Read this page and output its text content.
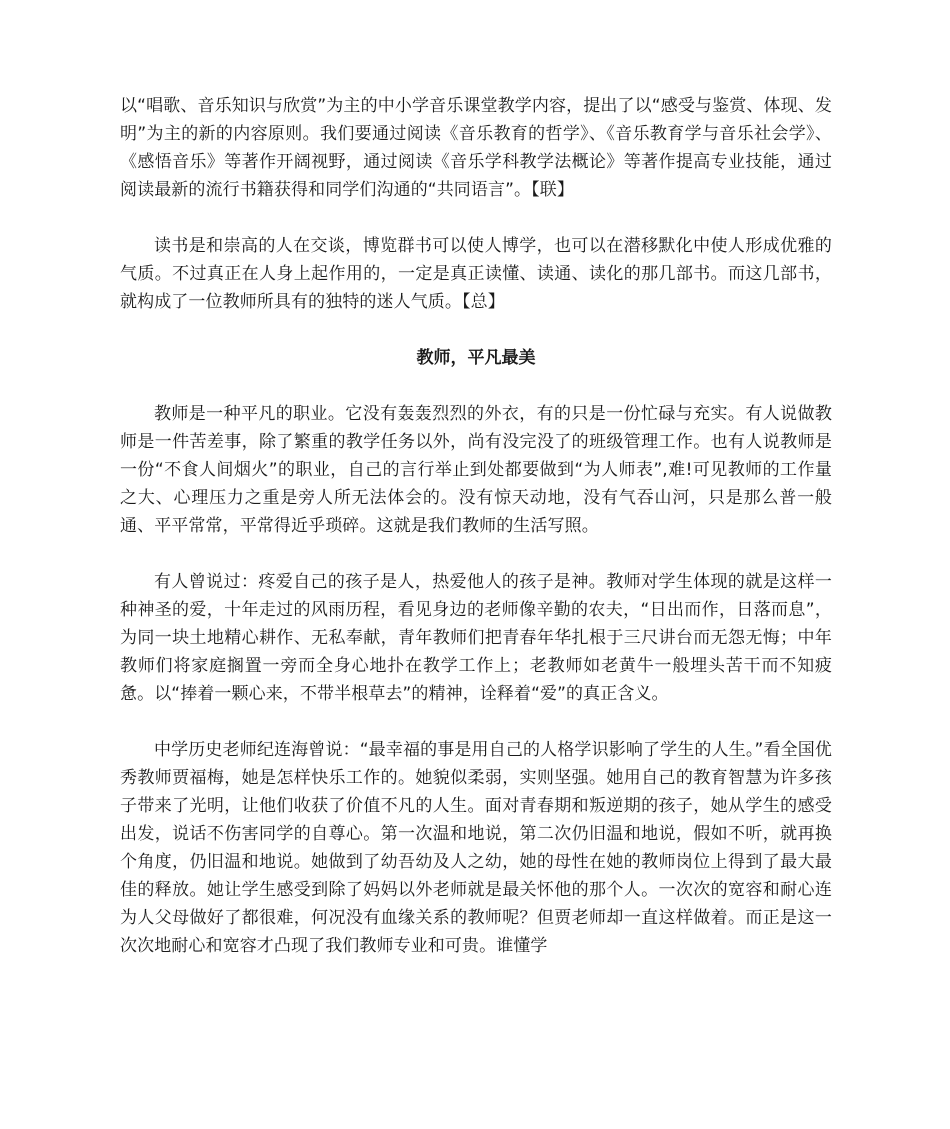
以“唱歌、音乐知识与欣赏”为主的中小学音乐课堂教学内容，提出了以“感受与鉴赏、体现、发明”为主的新的内容原则。我们要通过阅读《音乐教育的哲学》、《音乐教育学与音乐社会学》、《感悟音乐》等著作开阔视野，通过阅读《音乐学科教学法概论》等著作提高专业技能，通过阅读最新的流行书籍获得和同学们沟通的“共同语言”。【联】

读书是和崇高的人在交谈，博览群书可以使人博学，也可以在潜移默化中使人形成优雅的气质。不过真正在人身上起作用的，一定是真正读懂、读通、读化的那几部书。而这几部书，就构成了一位教师所具有的独特的迷人气质。【总】

教师，平凡最美

教师是一种平凡的职业。它没有轰轰烈烈的外衣，有的只是一份忙碌与充实。有人说做教师是一件苦差事，除了繁重的教学任务以外，尚有没完没了的班级管理工作。也有人说教师是一份“不食人间烟火”的职业，自己的言行举止到处都要做到“为人师表”,难!可见教师的工作量之大、心理压力之重是旁人所无法体会的。没有惊天动地，没有气吞山河，只是那么普一般通、平平常常，平常得近乎琐碎。这就是我们教师的生活写照。

有人曾说过：疼爱自己的孩子是人，热爱他人的孩子是神。教师对学生体现的就是这样一种神圣的爱，十年走过的风雨历程，看见身边的老师像辛勤的农夫，“日出而作，日落而息”，为同一块土地精心耕作、无私奉献，青年教师们把青春年华扎根于三尺讲台而无怨无悔；中年教师们将家庭搁置一旁而全身心地扑在教学工作上；老教师如老黄牛一般埋头苦干而不知疲惫。以“捧着一颗心来，不带半根草去”的精神，诠释着“爱”的真正含义。

中学历史老师纪连海曾说：“最幸福的事是用自己的人格学识影响了学生的人生。”看全国优秀教师贾福梅，她是怎样快乐工作的。她貌似柔弱，实则坚强。她用自己的教育智慧为许多孩子带来了光明，让他们收获了价值不凡的人生。面对青春期和叛逆期的孩子，她从学生的感受出发，说话不伤害同学的自尊心。第一次温和地说，第二次仍旧温和地说，假如不听，就再换个角度，仍旧温和地说。她做到了幼吾幼及人之幼，她的母性在她的教师岗位上得到了最大最佳的释放。她让学生感受到除了妈妈以外老师就是最关怀他的那个人。一次次的宽容和耐心连为人父母做好了都很难，何况没有血缘关系的教师呢？但贾老师却一直这样做着。而正是这一次次地耐心和宽容才凸现了我们教师专业和可贵。谁懂学
